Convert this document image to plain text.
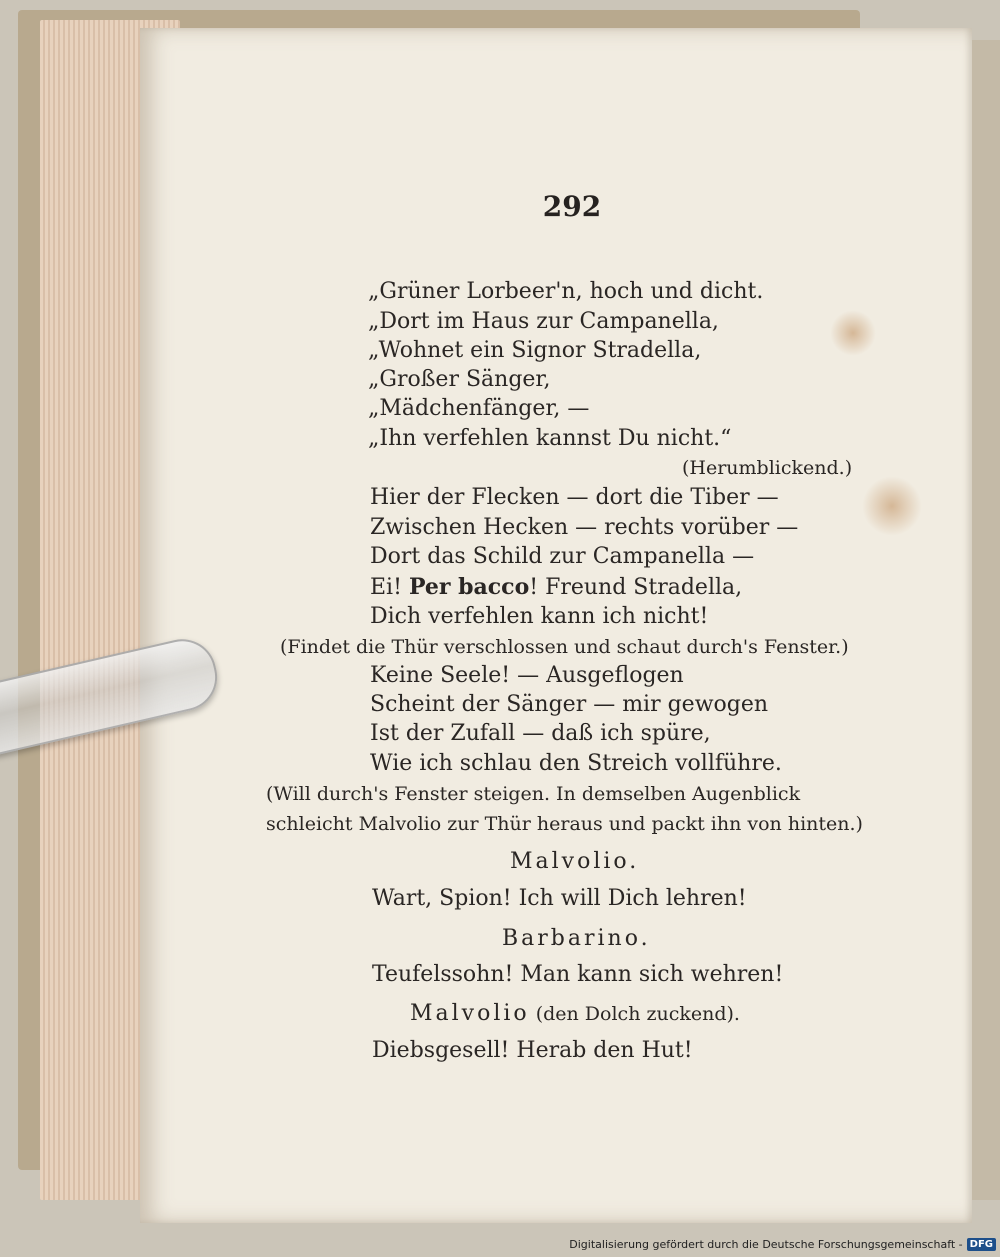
292
„Grüner Lorbeer'n, hoch und dicht.
„Dort im Haus zur Campanella,
„Wohnet ein Signor Stradella,
„Großer Sänger,
„Mädchenfänger, —
„Ihn verfehlen kannst Du nicht.“
(Herumblickend.)
Hier der Flecken — dort die Tiber —
Zwischen Hecken — rechts vorüber —
Dort das Schild zur Campanella —
Ei! Per bacco! Freund Stradella,
Dich verfehlen kann ich nicht!
(Findet die Thür verschlossen und schaut durch's Fenster.)
Keine Seele! — Ausgeflogen
Scheint der Sänger — mir gewogen
Ist der Zufall — daß ich spüre,
Wie ich schlau den Streich vollführe.
(Will durch's Fenster steigen. In demselben Augenblick
schleicht Malvolio zur Thür heraus und packt ihn von hinten.)
Malvolio.
Wart, Spion! Ich will Dich lehren!
Barbarino.
Teufelssohn! Man kann sich wehren!
Malvolio (den Dolch zuckend).
Diebsgesell! Herab den Hut!
Digitalisierung gefördert durch die Deutsche Forschungsgemeinschaft - DFG
